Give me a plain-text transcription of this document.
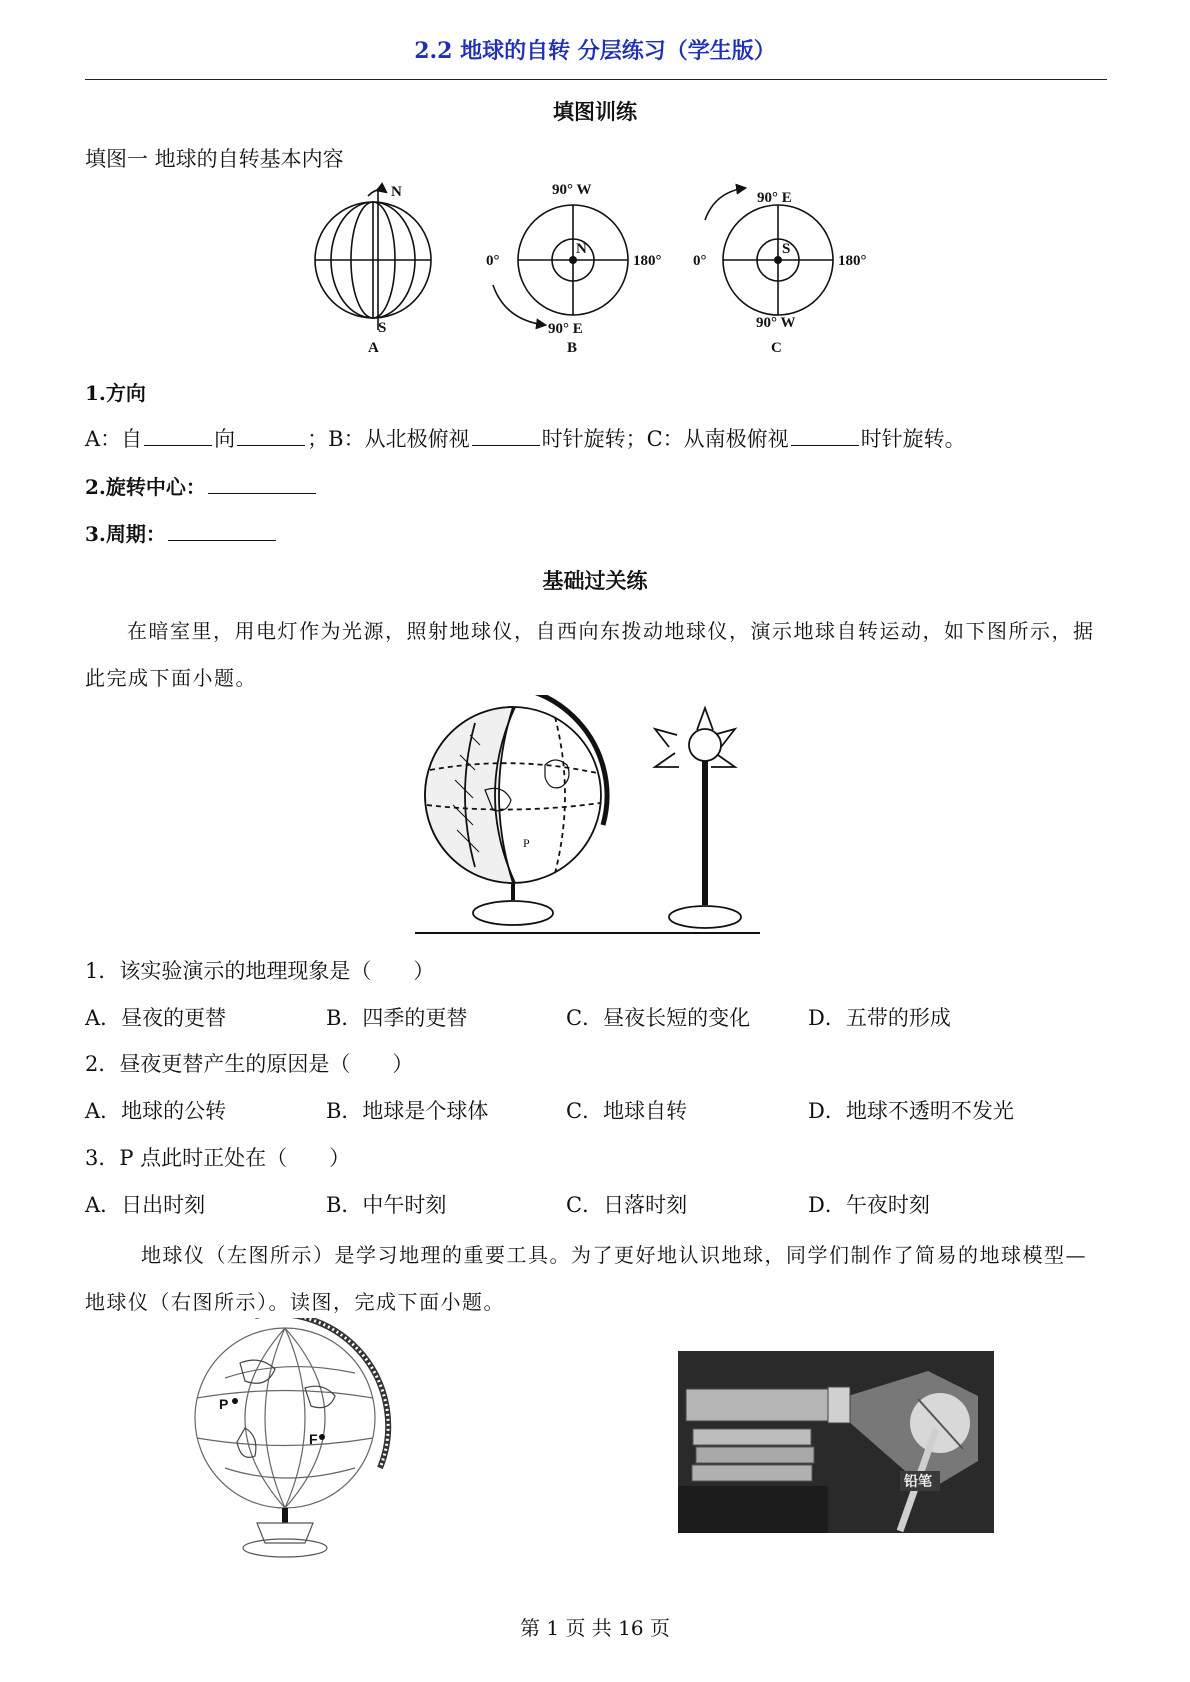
2.2 地球的自转 分层练习（学生版）
填图训练
填图一 地球的自转基本内容
N
S
A
90° W
0°	180°
90° E
N
B
90° E
0°	180°
90° W
S
C
1.方向
A：自	向	；B：从北极俯视	时针旋转；C：从南极俯视	时针旋转。
2.旋转中心：
3.周期：
基础过关练
在暗室里，用电灯作为光源，照射地球仪，自西向东拨动地球仪，演示地球自转运动，如下图所示，据此完成下面小题。
P
1．该实验演示的地理现象是（　　）
A．昼夜的更替	B．四季的更替	C．昼夜长短的变化	D．五带的形成
2．昼夜更替产生的原因是（　　）
A．地球的公转	B．地球是个球体	C．地球自转	D．地球不透明不发光
3．P 点此时正处在（　　）
A．日出时刻	B．中午时刻	C．日落时刻	D．午夜时刻
地球仪（左图所示）是学习地理的重要工具。为了更好地认识地球，同学们制作了简易的地球模型—地球仪（右图所示）。读图，完成下面小题。
P
F
铅笔
第 1 页 共 16 页
